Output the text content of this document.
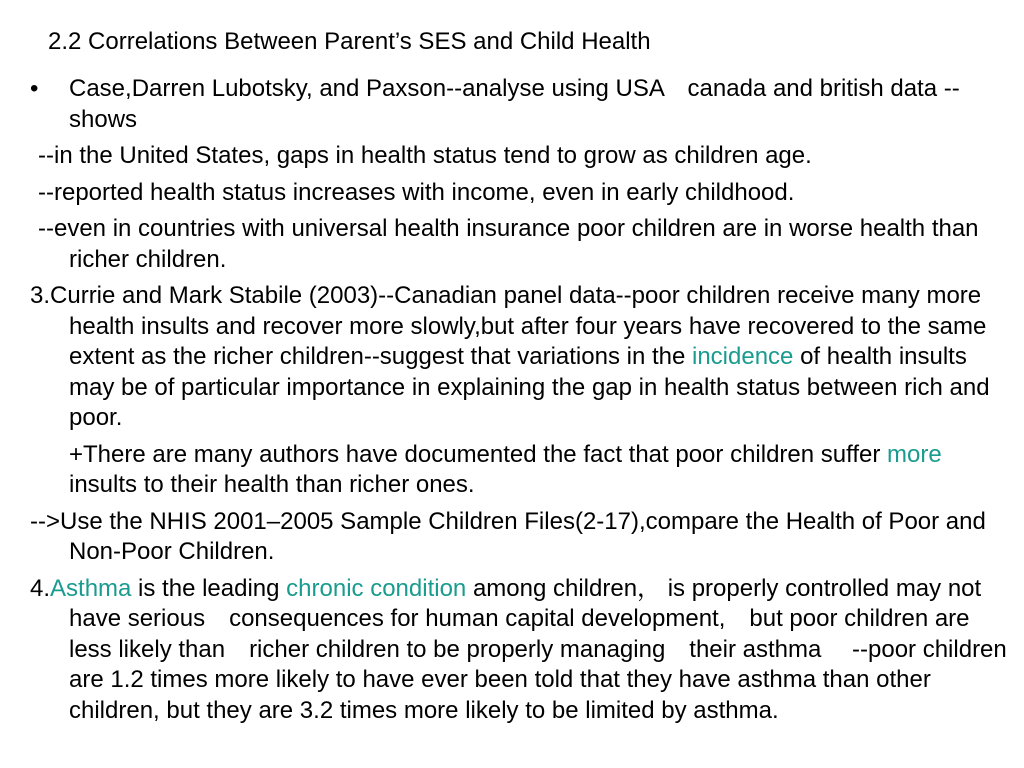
2.2 Correlations Between Parent’s SES and Child Health
•	Case,Darren Lubotsky, and Paxson--analyse using USA　canada and british data --shows
--in the United States, gaps in health status tend to grow as children age.
--reported health status increases with income, even in early childhood.
--even in countries with universal health insurance poor children are in worse health than richer children.
3.Currie and Mark Stabile (2003)--Canadian panel data--poor children receive many more health insults and recover more slowly,but after four years have recovered to the same extent as the richer children--suggest that variations in the incidence of health insults may be of particular importance in explaining the gap in health status between rich and poor.
+There are many authors have documented the fact that poor children suffer more insults to their health than richer ones.
-->Use the NHIS 2001–2005 Sample Children Files(2-17),compare the Health of Poor and Non-Poor Children.
4.Asthma is the leading chronic condition among children， is properly controlled may not have serious　consequences for human capital development,　but poor children are less likely than　richer children to be properly managing　their asthma　 --poor children are 1.2 times more likely to have ever been told that they have asthma than other children, but they are 3.2 times more likely to be limited by asthma.
